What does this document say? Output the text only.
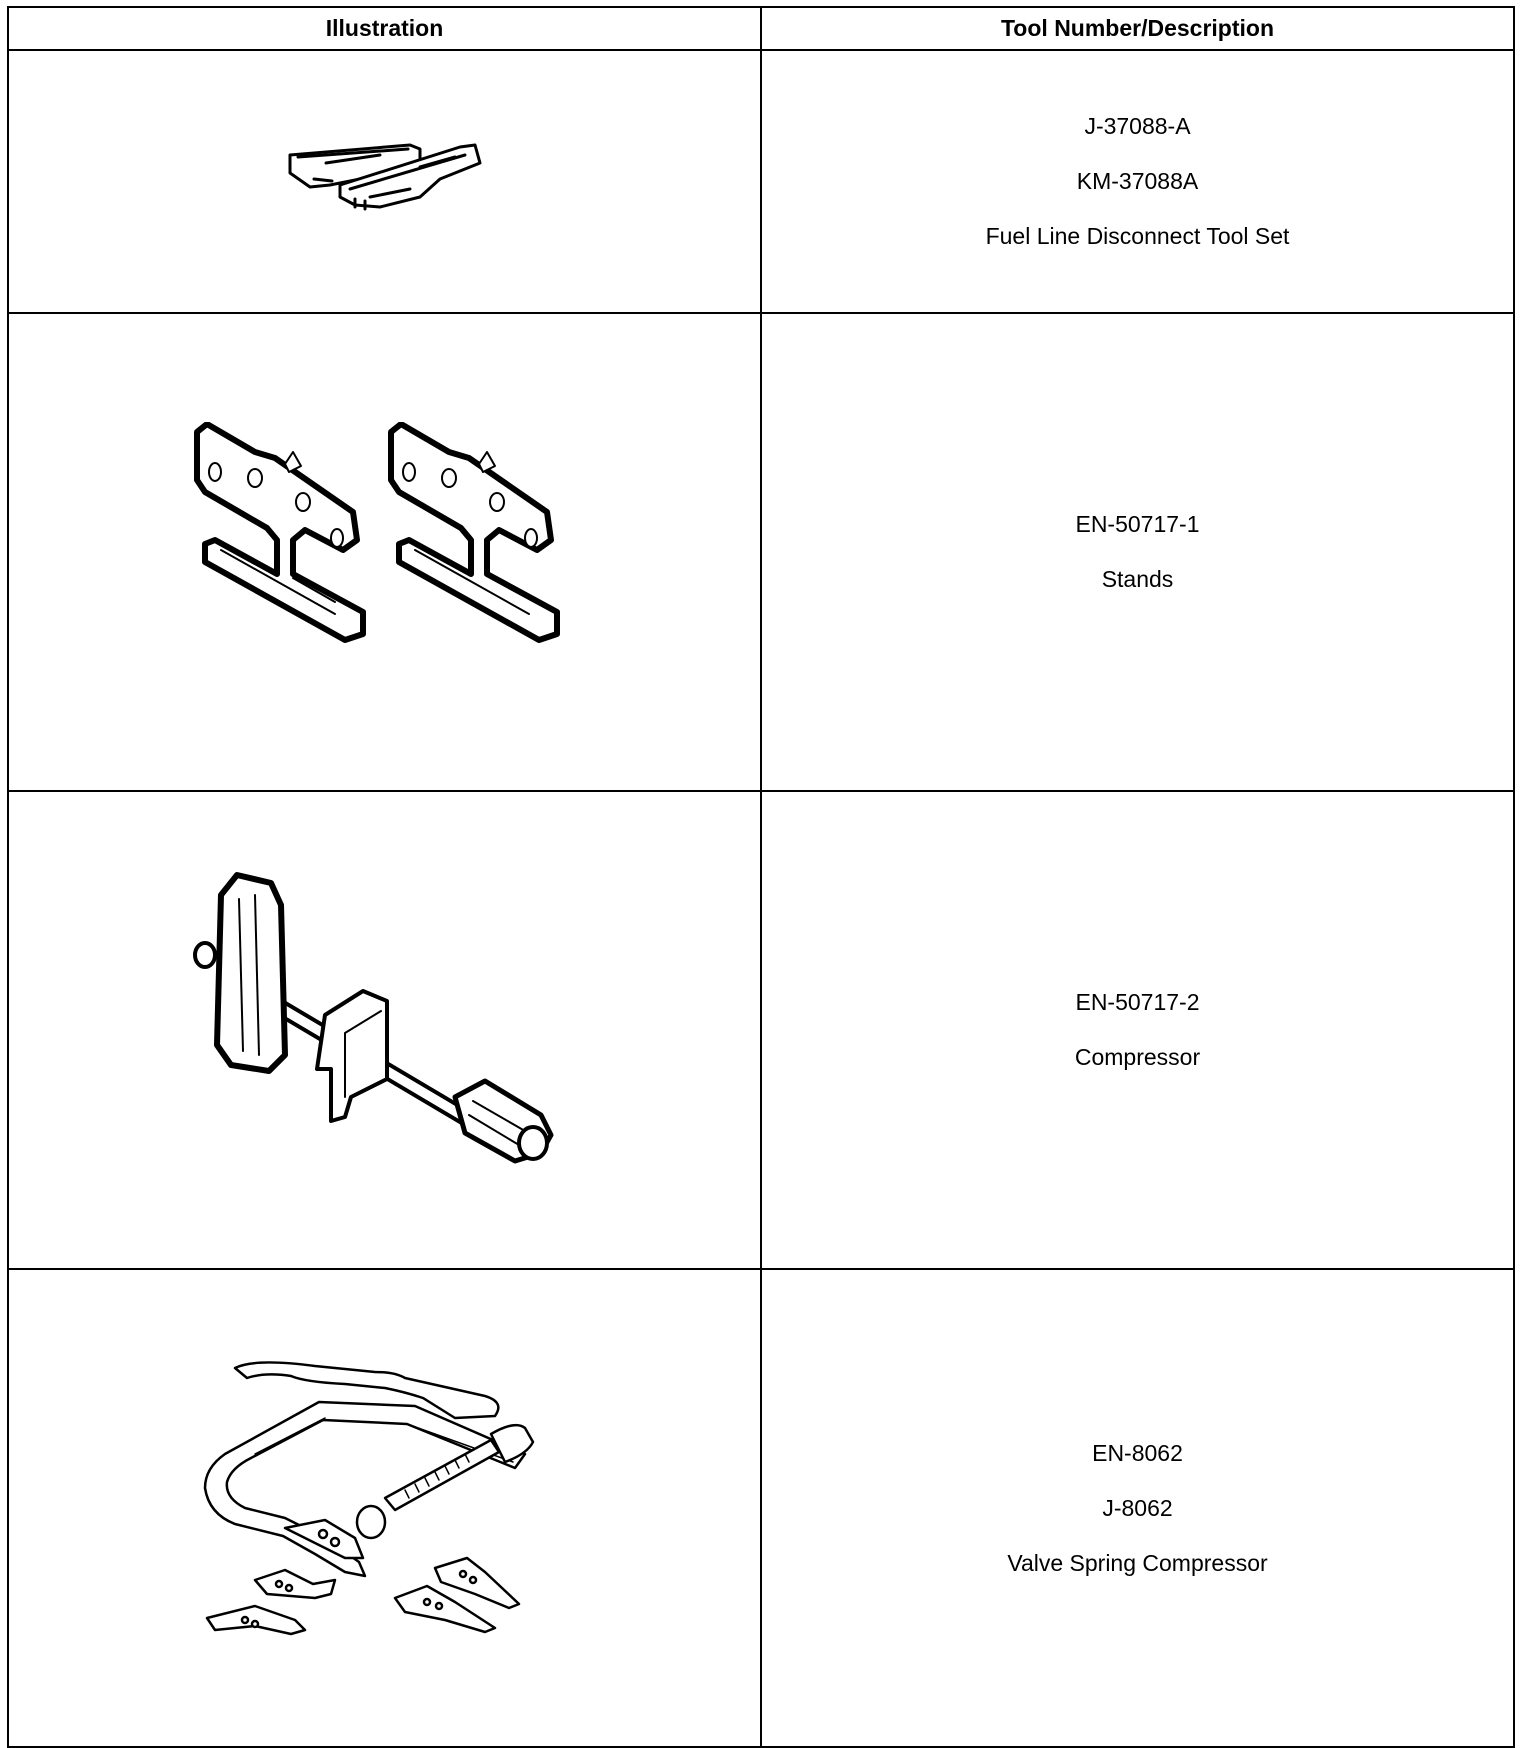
Illustration	Tool Number/Description

J-37088-A
KM-37088A
Fuel Line Disconnect Tool Set

EN-50717-1
Stands

EN-50717-2
Compressor

EN-8062
J-8062
Valve Spring Compressor
